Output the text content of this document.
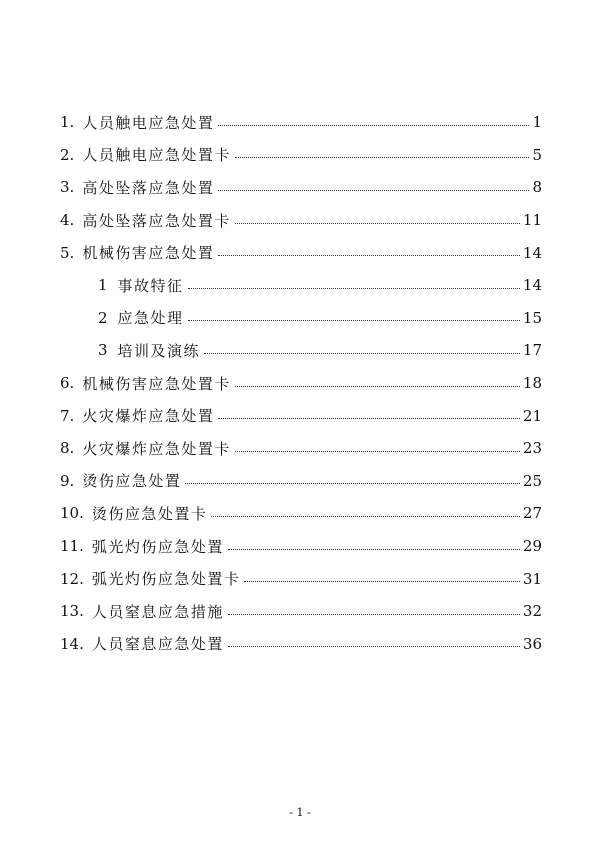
1. 人员触电应急处置	1
2. 人员触电应急处置卡	5
3. 高处坠落应急处置	8
4. 高处坠落应急处置卡	11
5. 机械伤害应急处置	14
1 事故特征	14
2 应急处理	15
3 培训及演练	17
6. 机械伤害应急处置卡	18
7. 火灾爆炸应急处置	21
8. 火灾爆炸应急处置卡	23
9. 烫伤应急处置	25
10. 烫伤应急处置卡	27
11. 弧光灼伤应急处置	29
12. 弧光灼伤应急处置卡	31
13. 人员窒息应急措施	32
14. 人员窒息应急处置	36
- 1 -
